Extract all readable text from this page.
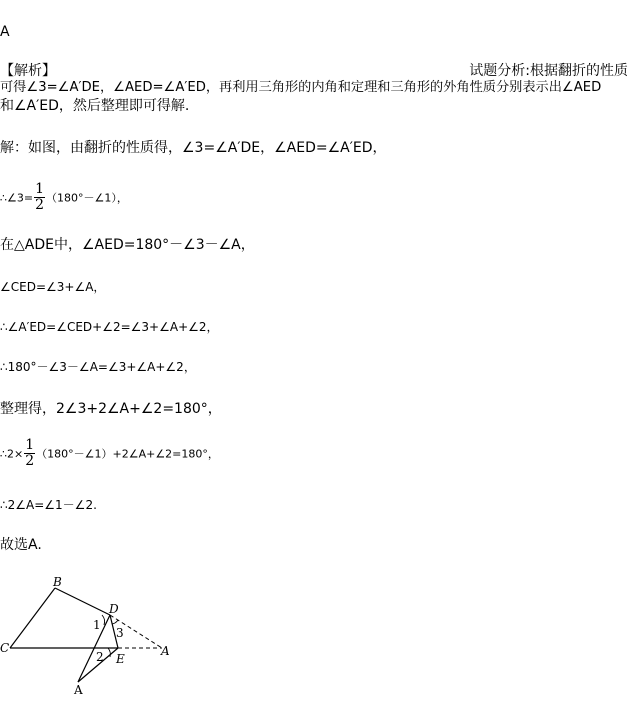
A
【解析】	试题分析:根据翻折的性质
可得∠3=∠A′DE，∠AED=∠A′ED，再利用三角形的内角和定理和三角形的外角性质分别表示出∠AED
和∠A′ED，然后整理即可得解.
解：如图，由翻折的性质得，∠3=∠A′DE，∠AED=∠A′ED，
∴∠3= $\frac{1}{2}$ （180°－∠1），
在△ADE中，∠AED=180°－∠3－∠A，
∠CED=∠3+∠A，
∴∠A′ED=∠CED+∠2=∠3+∠A+∠2，
∴180°－∠3－∠A=∠3+∠A+∠2，
整理得，2∠3+2∠A+∠2=180°，
∴2× $\frac{1}{2}$ （180°－∠1）+2∠A+∠2=180°，
∴2∠A=∠1－∠2.
故选A.
B
D
C	A
E
A
1
2
3
